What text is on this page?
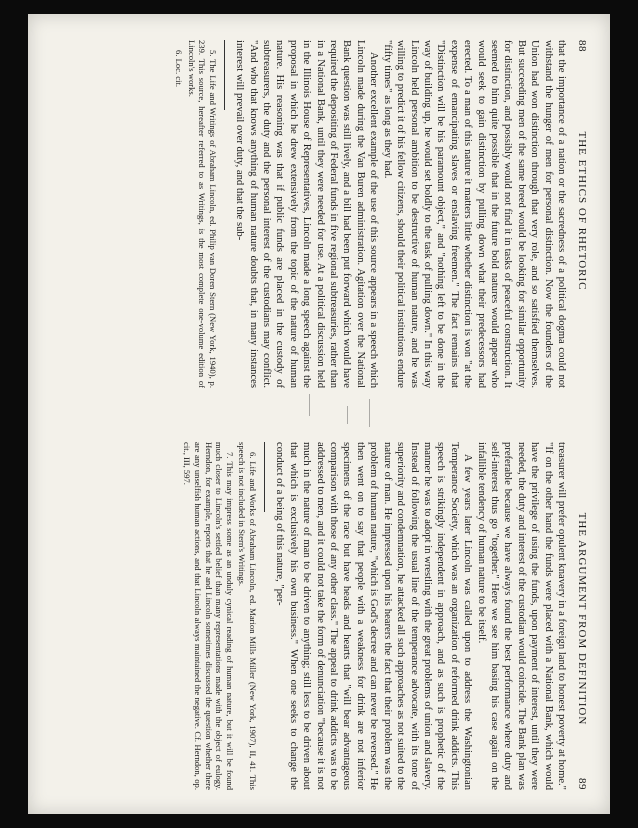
88
THE ETHICS OF RHETORIC

that the importance of a nation or the sacredness of a political dogma could not withstand the hunger of men for personal distinction. Now the founders of the Union had won distinction through that very role, and so satisfied themselves. But succeeding men of the same breed would be looking for similar opportunity for distinction, and possibly would not find it in tasks of peaceful construction. It seemed to him quite possible that in the future bold natures would appear who would seek to gain distinction by pulling down what their predecessors had erected. To a man of this nature it matters little whether distinction is won "at the expense of emancipating slaves or enslaving freemen." The fact remains that "Distinction will be his paramount object," and "nothing left to be done in the way of building up, he would set boldly to the task of pulling down." In this way Lincoln held personal ambition to be destructive of human nature, and he was willing to predict it of his fellow citizens, should their political institutions endure "fifty times" as long as they had.

Another excellent example of the use of this source appears in a speech which Lincoln made during the Van Buren administration. Agitation over the National Bank question was still lively, and a bill had been put forward which would have required the depositing of Federal funds in five regional subtreasuries, rather than in a National Bank, until they were needed for use. At a political discussion held in the Illinois House of Representatives, Lincoln made a long speech against the proposal in which he drew extensively from the topic of the nature of human nature. His reasoning was that if public funds are placed in the custody of subtreasurers, the duty and the personal interest of the custodians may conflict. "And who that knows anything of human nature doubts that, in many instances interest will prevail over duty, and that the sub-

5. The Life and Writings of Abraham Lincoln, ed. Philip van Doren Stern (New York, 1940), p. 239. This source, hereafter referred to as Writings, is the most complete one-volume edition of Lincoln's works.

6. Loc. cit.

THE ARGUMENT FROM DEFINITION
89

treasurer will prefer opulent knavery in a foreign land to honest poverty at home." "If on the other hand the funds were placed with a National Bank, which would have the privilege of using the funds, upon payment of interest, until they were needed, the duty and interest of the custodian would coincide. The Bank plan was preferable because we have always found the best performance where duty and self-interest thus go "together." Here we see him basing his case again on the infallible tendency of human nature to be itself.

A few years later Lincoln was called upon to address the Washingtonian Temperance Society, which was an organization of reformed drink addicts. This speech is strikingly independent in approach, and as such is prophetic of the manner he was to adopt in wrestling with the great problems of union and slavery. Instead of following the usual line of the temperance advocate, with its tone of superiority and condemnation, he attacked all such approaches as not suited to the nature of man. He impressed upon his hearers the fact that their problem was the problem of human nature, "which is God's decree and can never be reversed." He then went on to say that people with a weakness for drink are not inferior specimens of the race but have heads and hearts that "will bear advantageous comparison with those of any other class." The appeal to drink addicts was to be addressed to men, and it could not take the form of denunciation "because it is not much in the nature of man to be driven to anything; still less to be driven about that which is exclusively his own business." When one seeks to change the conduct of a being of this nature, "per-

6. Life and Works of Abraham Lincoln, ed. Marion Mills Miller (New York, 1907), II, 41. This speech is not included in Stern's Writings.

7. This may impress some as an unduly cynical reading of human nature, but it will be found much closer to Lincoln's settled belief than many representations made with the object of eulogy. Herndon, for example, reports that he and Lincoln sometimes discussed the question whether there are any unselfish human actions, and that Lincoln always maintained the negative. Cf. Herndon, op. cit., III, 597.
